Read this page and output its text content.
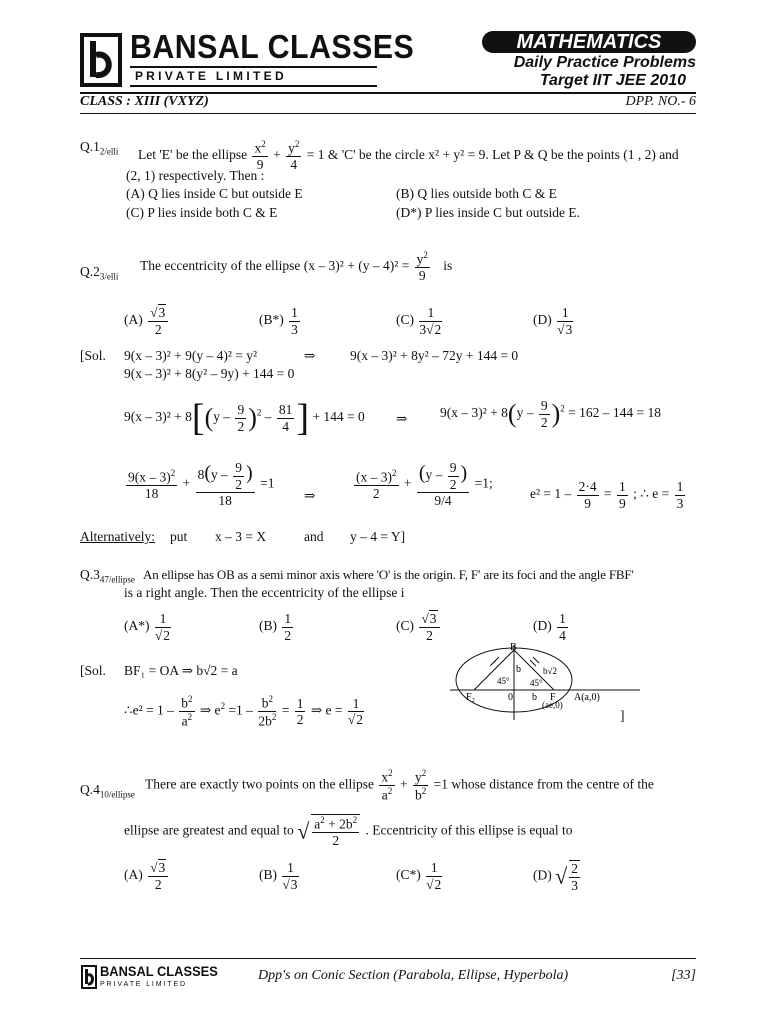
BANSAL CLASSES
P R I V A T E   L I M I T E D
MATHEMATICS
Daily Practice Problems
Target IIT JEE 2010
CLASS : XIII (VXYZ)	DPP. NO.- 6
$Q.1_{2/elli}$ Let 'E' be the ellipse $\frac{x^2}{9} + \frac{y^2}{4} = 1$ & 'C' be the circle x² + y² = 9. Let P & Q be the points (1 , 2) and
(2, 1) respectively. Then :
(A) Q lies inside C but outside E	(B) Q lies outside both C & E
(C) P lies inside both C & E	(D*) P lies inside C but outside E.
$Q.2_{3/elli}$
The eccentricity of the ellipse $(x - 3)^2 + (y - 4)^2 = \frac{y^2}{9}$ is
$(A) \frac{√3}{2}$	$(B*) \frac{1}{3}$	$(C) \frac{1}{3√2}$	$(D) \frac{1}{√3}$
[Sol. 9(x – 3)² + 9(y – 4)² = y²	⇒	9(x – 3)² + 8y² – 72y + 144 = 0
9(x – 3)² + 8(y² – 9y) + 144 = 0
$9(x - 3)^2 + 8[(y - \frac{9}{2} )^2 - \frac{81}{4}$ ] + 144 = 0 ⇒ $9(x - 3)^2 + 8(y - \frac{9}{2} )^2 = 162 - 144 = 18$
$\frac{9(x - 3)^2}{18} + \frac{8(y - \frac{9}{2} )}{18} =1$
⇒	$\frac{(x - 3)^2}{2} + \frac{(y - \frac{9}{2} )}{9/4} =1$;
$e^2 = 1 - \frac{2\cdot 4}{9} = \frac{1}{9}$ ; ∴ $e = \frac{1}{3}$
Alternatively: put x – 3 = X	and y – 4 = Y]
$Q.3_{47/ellipse}$ An ellipse has OB as a semi minor axis where 'O' is the origin. F, F′ are its foci and the angle FBF′
is a right angle. Then the eccentricity of the ellipse i
$(A*) \frac{1}{√2}$	$(B) \frac{1}{2}$	$(C) \frac{√3}{2}$	$(D) \frac{1}{4}$
[Sol. BF₁ = OA ⇒ b√2 = a
∴e² = $1 - \frac{b^2}{a^2}$ ⇒ $e^2 =1 - \frac{b^2}{2b^2} = \frac{1}{2}$ ⇒ $e = \frac{1}{√2}$	]
B
b b√2
45° 45°
F₂	0 b F A(a,0)
(ae,0)
$Q.4_{10/ellipse}$
There are exactly two points on the ellipse $\frac{x^2}{a^2} + \frac{y^2}{b^2} =1$ whose distance from the centre of the
ellipse are greatest and equal to √ $\frac{a^2 + 2b^2}{2}$ . Eccentricity of this ellipse is equal to
$(A) \frac{√3}{2}$	$(B) \frac{1}{√3}$	$(C*) \frac{1}{√2}$	(D) √ $\frac{2}{3}$
BANSAL CLASSES
P R I V A T E   L I M I T E D
Dpp's on Conic Section (Parabola, Ellipse, Hyperbola)	[33]
